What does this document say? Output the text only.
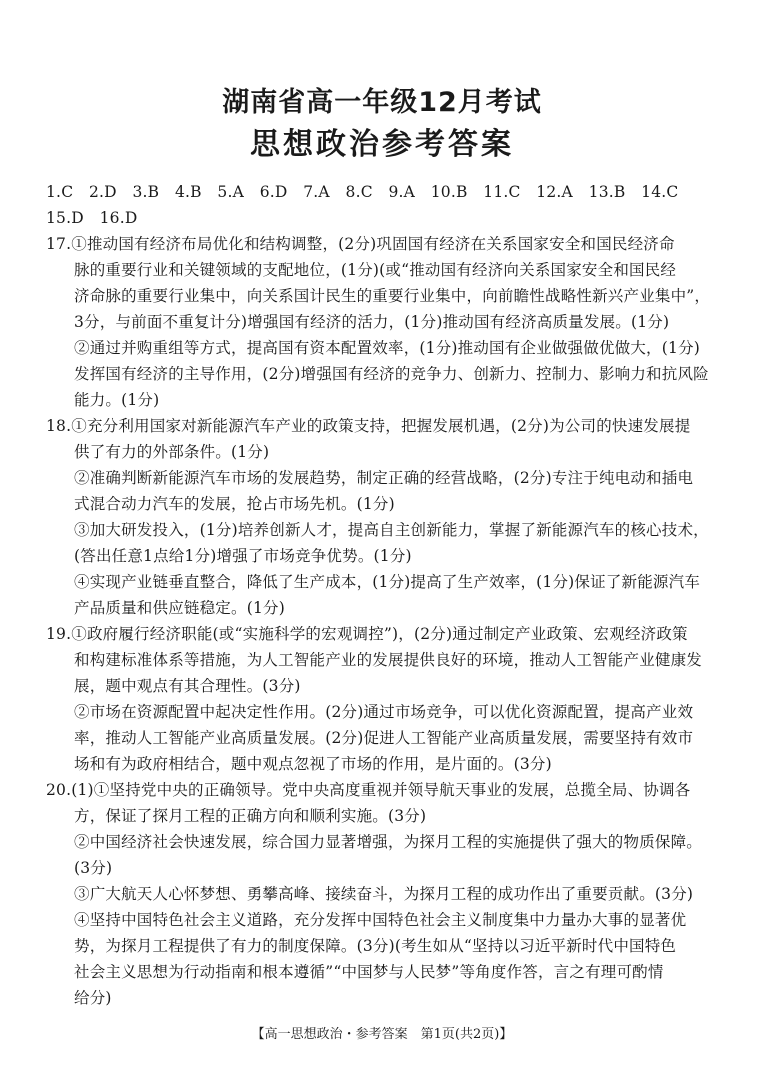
湖南省高一年级12月考试
思想政治参考答案
1.C　2.D　3.B　4.B　5.A　6.D　7.A　8.C　9.A　10.B　11.C　12.A　13.B　14.C
15.D　16.D
17.①推动国有经济布局优化和结构调整，(2分)巩固国有经济在关系国家安全和国民经济命
脉的重要行业和关键领域的支配地位，(1分)(或“推动国有经济向关系国家安全和国民经
济命脉的重要行业集中，向关系国计民生的重要行业集中，向前瞻性战略性新兴产业集中”，
3分，与前面不重复计分)增强国有经济的活力，(1分)推动国有经济高质量发展。(1分)
②通过并购重组等方式，提高国有资本配置效率，(1分)推动国有企业做强做优做大，(1分)
发挥国有经济的主导作用，(2分)增强国有经济的竞争力、创新力、控制力、影响力和抗风险
能力。(1分)
18.①充分利用国家对新能源汽车产业的政策支持，把握发展机遇，(2分)为公司的快速发展提
供了有力的外部条件。(1分)
②准确判断新能源汽车市场的发展趋势，制定正确的经营战略，(2分)专注于纯电动和插电
式混合动力汽车的发展，抢占市场先机。(1分)
③加大研发投入，(1分)培养创新人才，提高自主创新能力，掌握了新能源汽车的核心技术，
(答出任意1点给1分)增强了市场竞争优势。(1分)
④实现产业链垂直整合，降低了生产成本，(1分)提高了生产效率，(1分)保证了新能源汽车
产品质量和供应链稳定。(1分)
19.①政府履行经济职能(或“实施科学的宏观调控”)，(2分)通过制定产业政策、宏观经济政策
和构建标准体系等措施，为人工智能产业的发展提供良好的环境，推动人工智能产业健康发
展，题中观点有其合理性。(3分)
②市场在资源配置中起决定性作用。(2分)通过市场竞争，可以优化资源配置，提高产业效
率，推动人工智能产业高质量发展。(2分)促进人工智能产业高质量发展，需要坚持有效市
场和有为政府相结合，题中观点忽视了市场的作用，是片面的。(3分)
20.(1)①坚持党中央的正确领导。党中央高度重视并领导航天事业的发展，总揽全局、协调各
方，保证了探月工程的正确方向和顺利实施。(3分)
②中国经济社会快速发展，综合国力显著增强，为探月工程的实施提供了强大的物质保障。
(3分)
③广大航天人心怀梦想、勇攀高峰、接续奋斗，为探月工程的成功作出了重要贡献。(3分)
④坚持中国特色社会主义道路，充分发挥中国特色社会主义制度集中力量办大事的显著优
势，为探月工程提供了有力的制度保障。(3分)(考生如从“坚持以习近平新时代中国特色
社会主义思想为行动指南和根本遵循”“中国梦与人民梦”等角度作答，言之有理可酌情
给分)
【高一思想政治・参考答案　第1页(共2页)】
